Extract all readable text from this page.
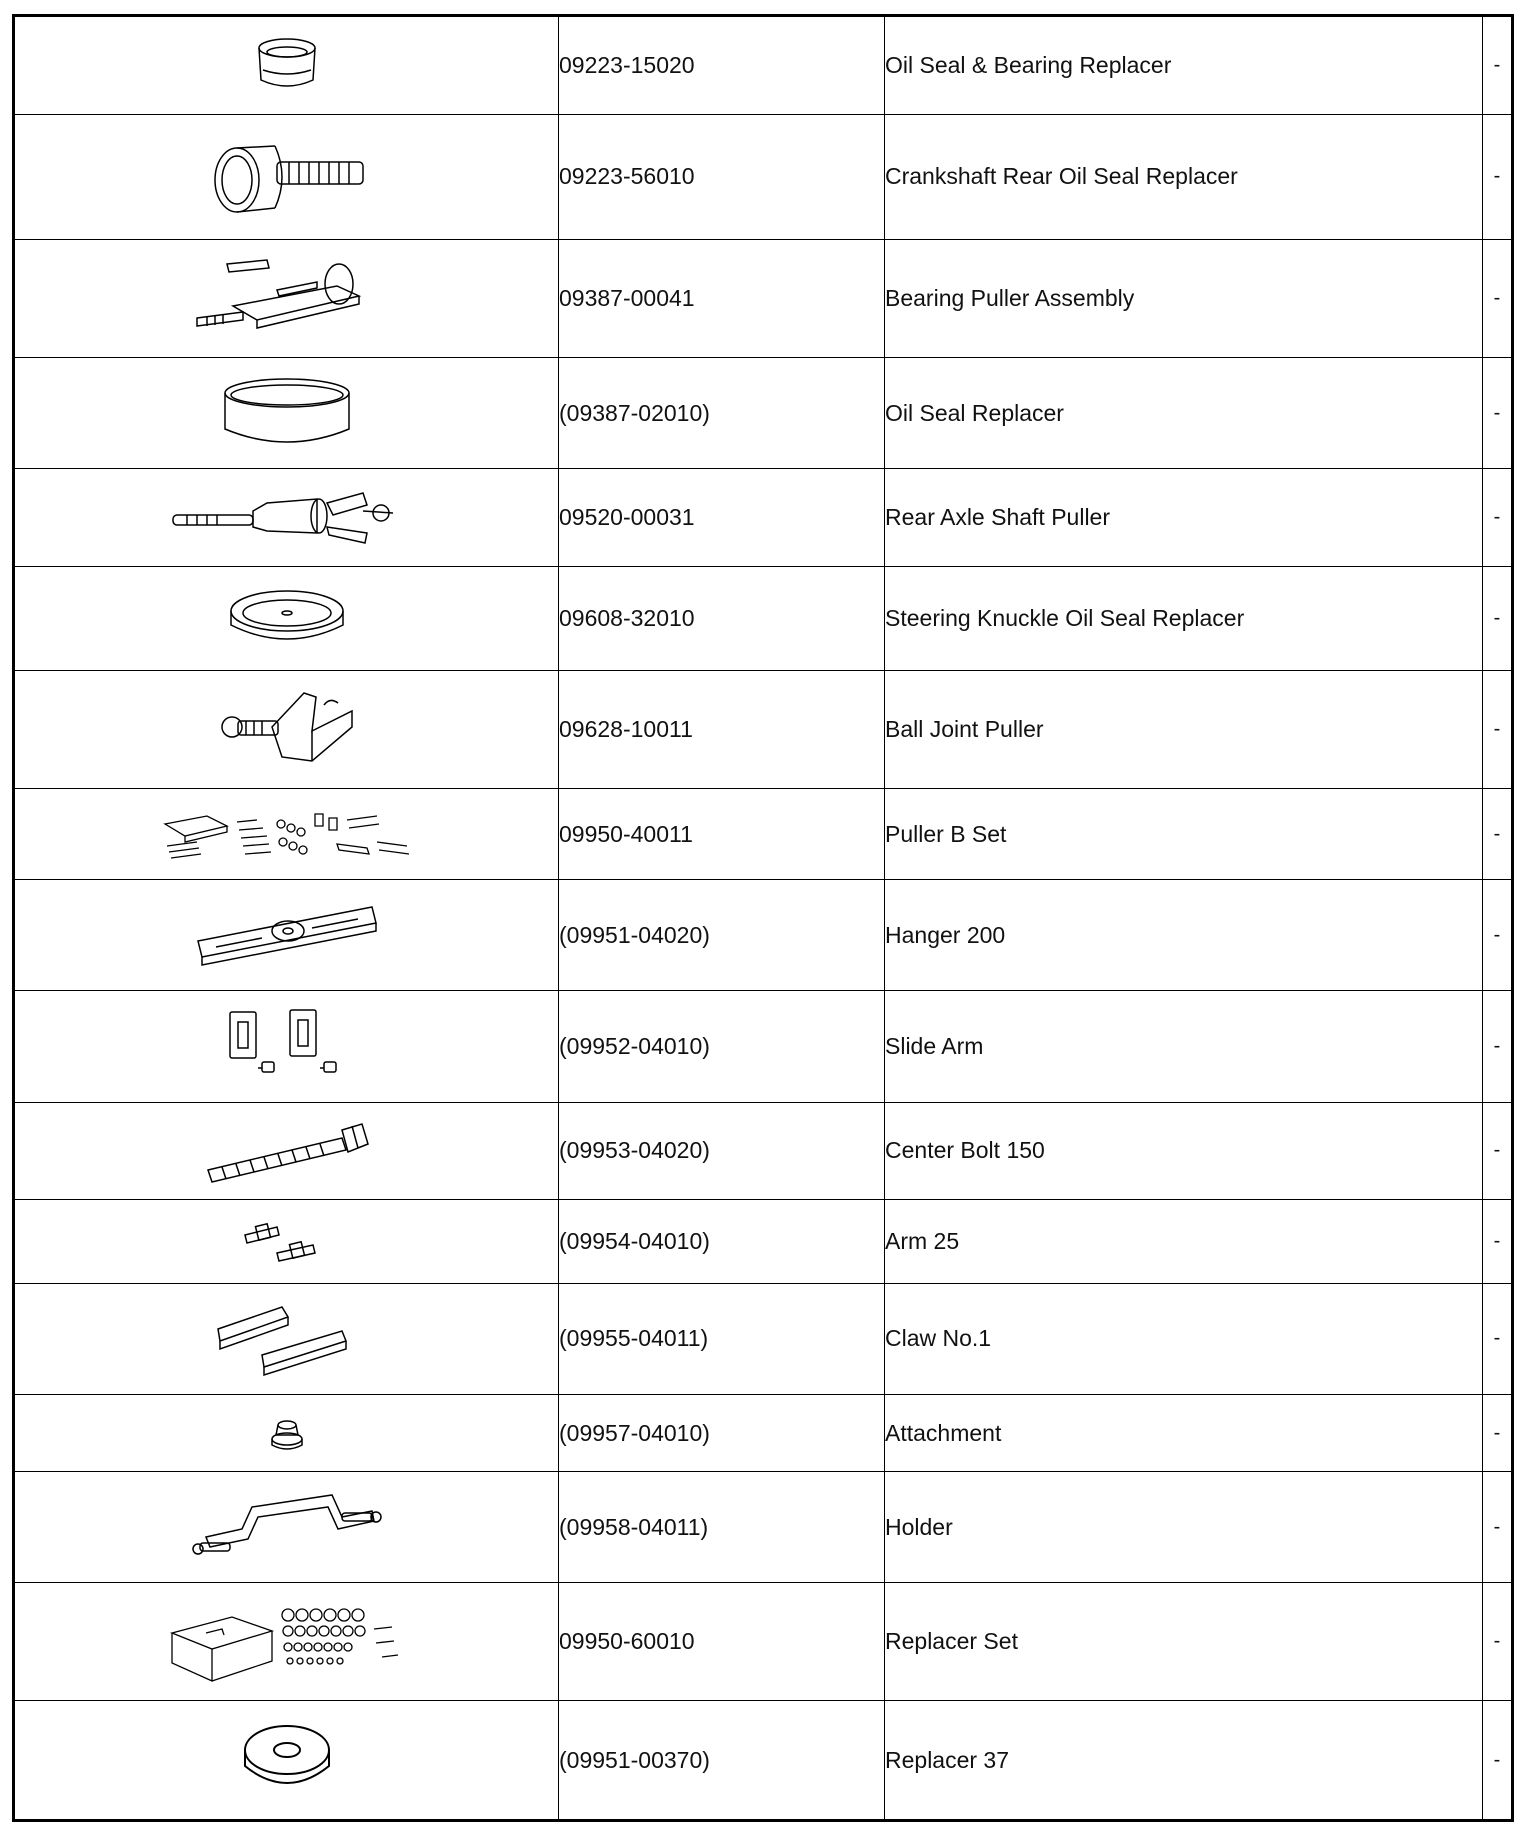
	09223-15020	Oil Seal & Bearing Replacer	-

	09223-56010	Crankshaft Rear Oil Seal Replacer	-

	09387-00041	Bearing Puller Assembly	-

	(09387-02010)	Oil Seal Replacer	-

	09520-00031	Rear Axle Shaft Puller	-

	09608-32010	Steering Knuckle Oil Seal Replacer	-

	09628-10011	Ball Joint Puller	-

	09950-40011	Puller B Set	-

	(09951-04020)	Hanger 200	-

	(09952-04010)	Slide Arm	-

	(09953-04020)	Center Bolt 150	-

	(09954-04010)	Arm 25	-

	(09955-04011)	Claw No.1	-

	(09957-04010)	Attachment	-

	(09958-04011)	Holder	-

	09950-60010	Replacer Set	-

	(09951-00370)	Replacer 37	-
